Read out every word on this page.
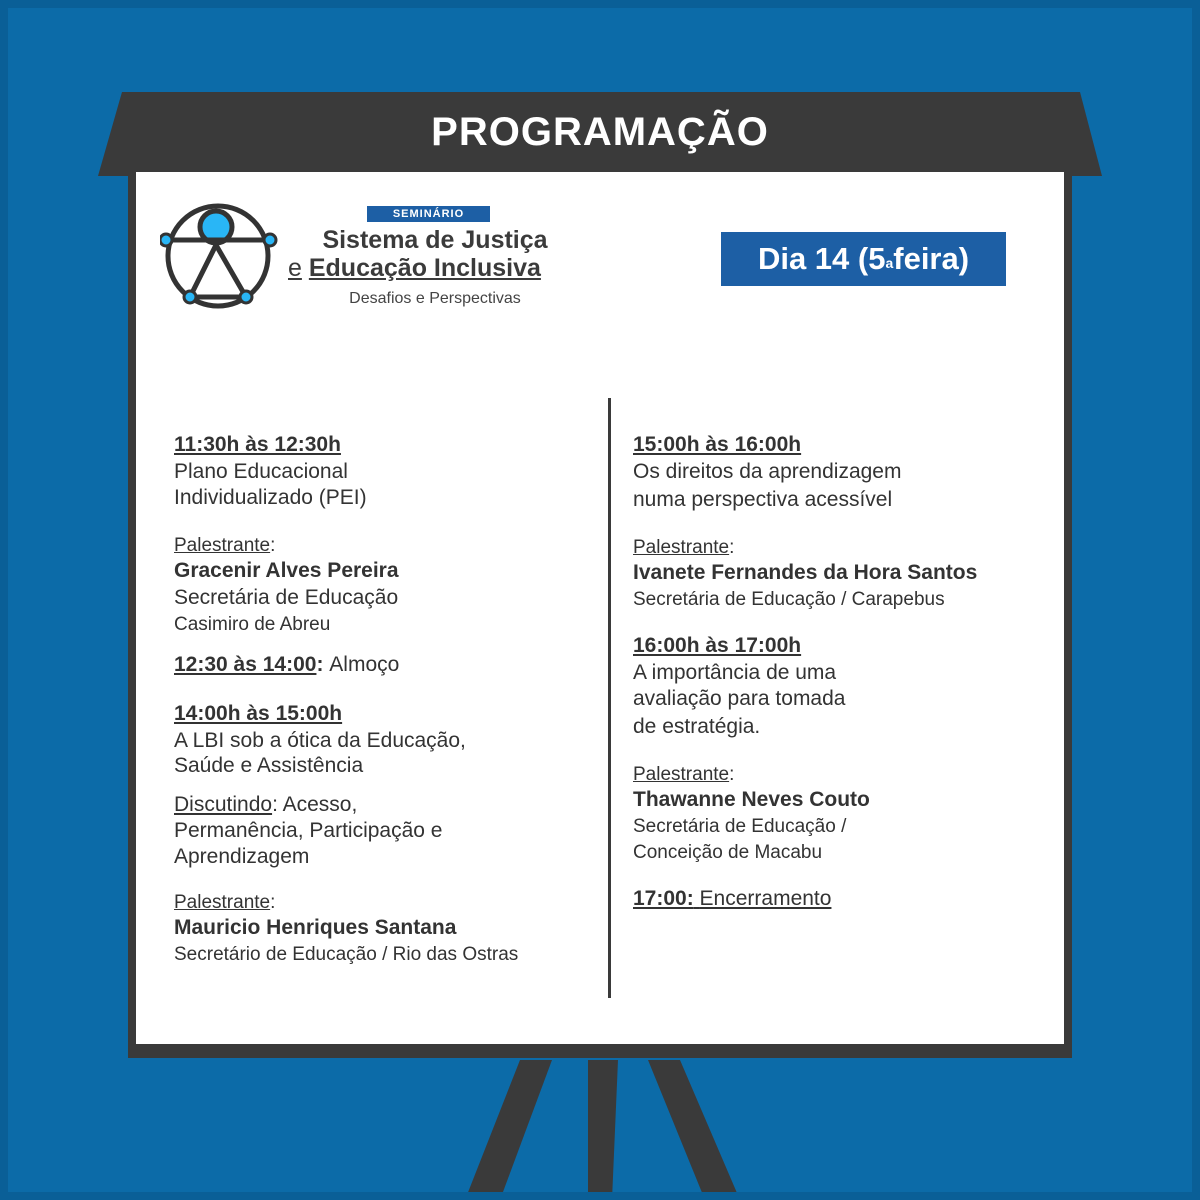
PROGRAMAÇÃO
SEMINÁRIO
Sistema de Justiça
e Educação Inclusiva
Desafios e Perspectivas
Dia 14 (5$^a$ feira)
11:30h às 12:30h
Plano Educacional
Individualizado (PEI)
Palestrante:
Gracenir Alves Pereira
Secretária de Educação
Casimiro de Abreu
12:30 às 14:00: Almoço
14:00h às 15:00h
A LBI sob a ótica da Educação,
Saúde e Assistência
Discutindo: Acesso,
Permanência, Participação e
Aprendizagem
Palestrante:
Mauricio Henriques Santana
Secretário de Educação / Rio das Ostras
15:00h às 16:00h
Os direitos da aprendizagem
numa perspectiva acessível
Palestrante:
Ivanete Fernandes da Hora Santos
Secretária de Educação / Carapebus
16:00h às 17:00h
A importância de uma
avaliação para tomada
de estratégia.
Palestrante:
Thawanne Neves Couto
Secretária de Educação /
Conceição de Macabu
17:00: Encerramento
